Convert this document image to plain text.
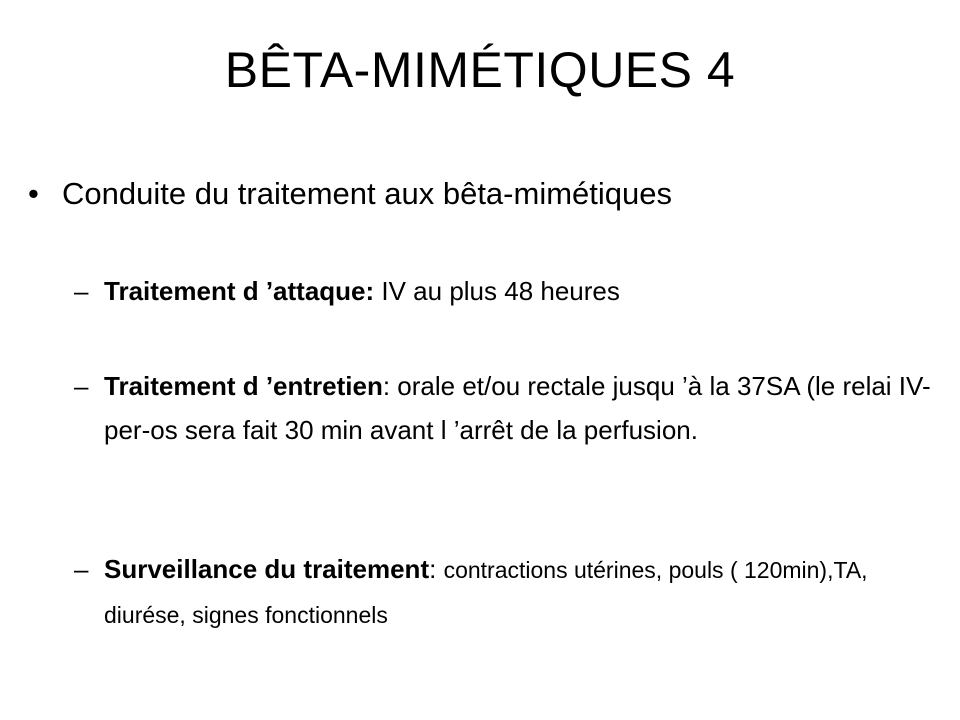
BÊTA-MIMÉTIQUES 4
• Conduite du traitement aux bêta-mimétiques
– Traitement d ’attaque: IV au plus 48 heures
– Traitement d ’entretien: orale et/ou rectale jusqu ’à la 37SA (le relai IV-per-os sera fait 30 min avant l ’arrêt de la perfusion.
– Surveillance du traitement: contractions utérines, pouls ( 120min),TA, diurése, signes fonctionnels
